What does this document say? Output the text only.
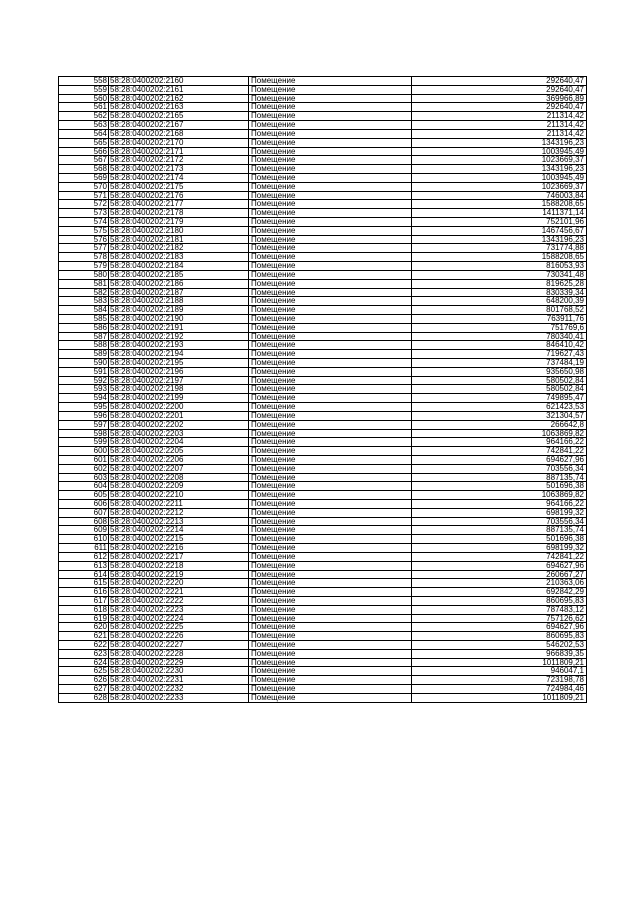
558	58:28:0400202:2160	Помещение	292640,47
559	58:28:0400202:2161	Помещение	292640,47
560	58:28:0400202:2162	Помещение	369966,89
561	58:28:0400202:2163	Помещение	292640,47
562	58:28:0400202:2165	Помещение	211314,42
563	58:28:0400202:2167	Помещение	211314,42
564	58:28:0400202:2168	Помещение	211314,42
565	58:28:0400202:2170	Помещение	1343196,23
566	58:28:0400202:2171	Помещение	1003945,49
567	58:28:0400202:2172	Помещение	1023669,37
568	58:28:0400202:2173	Помещение	1343196,23
569	58:28:0400202:2174	Помещение	1003945,49
570	58:28:0400202:2175	Помещение	1023669,37
571	58:28:0400202:2176	Помещение	746003,84
572	58:28:0400202:2177	Помещение	1588208,65
573	58:28:0400202:2178	Помещение	1411371,14
574	58:28:0400202:2179	Помещение	752101,96
575	58:28:0400202:2180	Помещение	1467456,67
576	58:28:0400202:2181	Помещение	1343196,23
577	58:28:0400202:2182	Помещение	731774,88
578	58:28:0400202:2183	Помещение	1588208,65
579	58:28:0400202:2184	Помещение	816053,93
580	58:28:0400202:2185	Помещение	730341,48
581	58:28:0400202:2186	Помещение	819625,28
582	58:28:0400202:2187	Помещение	830339,34
583	58:28:0400202:2188	Помещение	648200,39
584	58:28:0400202:2189	Помещение	801768,52
585	58:28:0400202:2190	Помещение	763911,76
586	58:28:0400202:2191	Помещение	751769,6
587	58:28:0400202:2192	Помещение	780340,41
588	58:28:0400202:2193	Помещение	846410,42
589	58:28:0400202:2194	Помещение	719627,43
590	58:28:0400202:2195	Помещение	737484,19
591	58:28:0400202:2196	Помещение	935650,98
592	58:28:0400202:2197	Помещение	580502,84
593	58:28:0400202:2198	Помещение	580502,84
594	58:28:0400202:2199	Помещение	749895,47
595	58:28:0400202:2200	Помещение	621423,53
596	58:28:0400202:2201	Помещение	321304,57
597	58:28:0400202:2202	Помещение	266642,8
598	58:28:0400202:2203	Помещение	1063869,82
599	58:28:0400202:2204	Помещение	964166,22
600	58:28:0400202:2205	Помещение	742841,22
601	58:28:0400202:2206	Помещение	694627,96
602	58:28:0400202:2207	Помещение	703556,34
603	58:28:0400202:2208	Помещение	887135,74
604	58:28:0400202:2209	Помещение	501696,38
605	58:28:0400202:2210	Помещение	1063869,82
606	58:28:0400202:2211	Помещение	964166,22
607	58:28:0400202:2212	Помещение	698199,32
608	58:28:0400202:2213	Помещение	703556,34
609	58:28:0400202:2214	Помещение	887135,74
610	58:28:0400202:2215	Помещение	501696,38
611	58:28:0400202:2216	Помещение	698199,32
612	58:28:0400202:2217	Помещение	742841,22
613	58:28:0400202:2218	Помещение	694627,96
614	58:28:0400202:2219	Помещение	260667,27
615	58:28:0400202:2220	Помещение	210363,06
616	58:28:0400202:2221	Помещение	692842,29
617	58:28:0400202:2222	Помещение	860695,83
618	58:28:0400202:2223	Помещение	787483,12
619	58:28:0400202:2224	Помещение	757126,62
620	58:28:0400202:2225	Помещение	694627,96
621	58:28:0400202:2226	Помещение	860695,83
622	58:28:0400202:2227	Помещение	546202,53
623	58:28:0400202:2228	Помещение	966839,35
624	58:28:0400202:2229	Помещение	1011809,21
625	58:28:0400202:2230	Помещение	946047,1
626	58:28:0400202:2231	Помещение	723198,78
627	58:28:0400202:2232	Помещение	724984,46
628	58:28:0400202:2233	Помещение	1011809,21
